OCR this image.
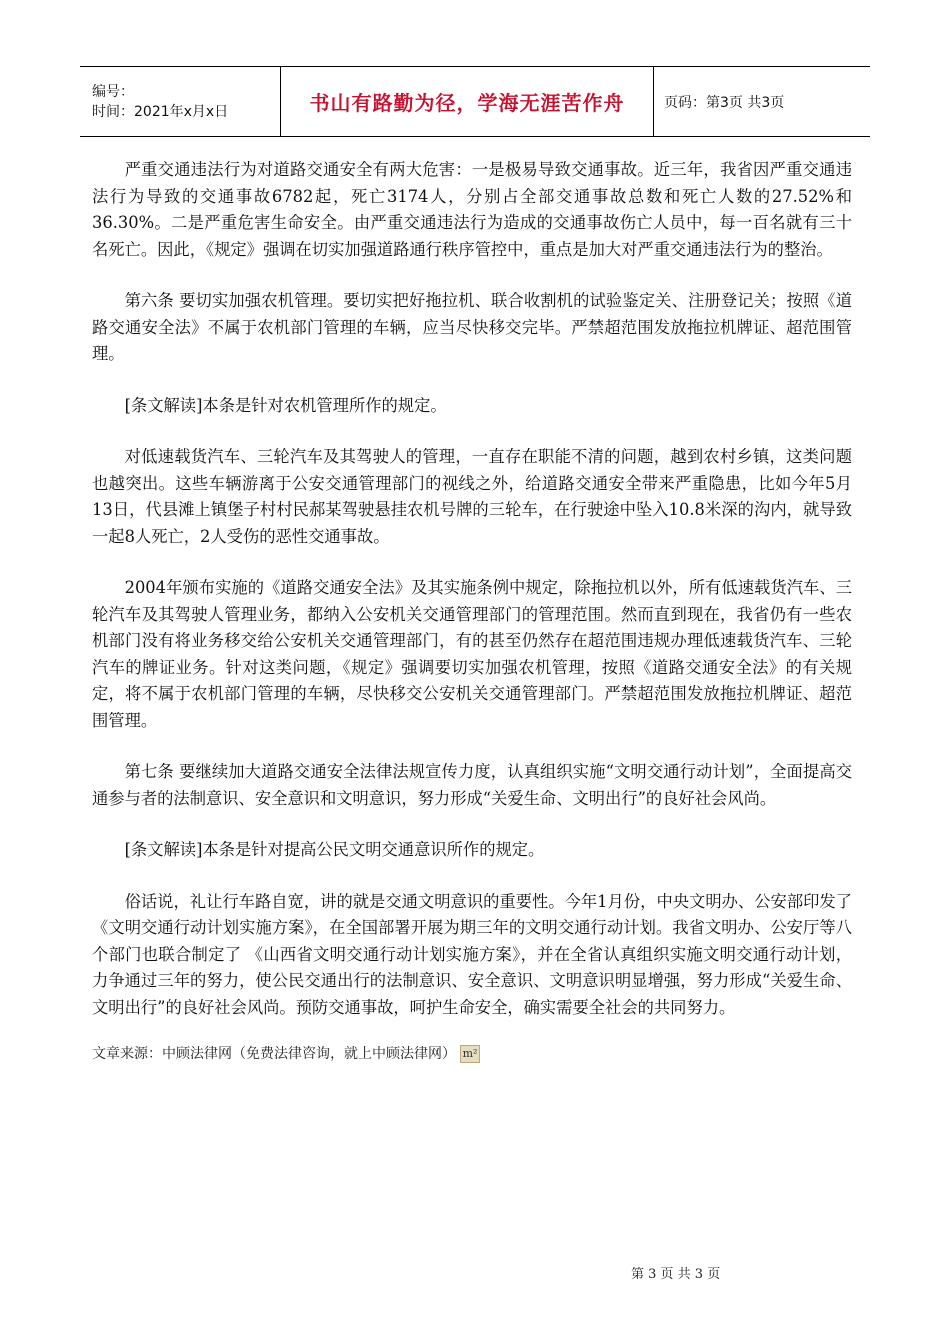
编号：
时间：2021年x月x日	书山有路勤为径，学海无涯苦作舟	页码：第3页 共3页

严重交通违法行为对道路交通安全有两大危害：一是极易导致交通事故。近三年，我省因严重交通违法行为导致的交通事故6782起，死亡3174人，分别占全部交通事故总数和死亡人数的27.52%和36.30%。二是严重危害生命安全。由严重交通违法行为造成的交通事故伤亡人员中，每一百名就有三十名死亡。因此，《规定》强调在切实加强道路通行秩序管控中，重点是加大对严重交通违法行为的整治。

第六条 要切实加强农机管理。要切实把好拖拉机、联合收割机的试验鉴定关、注册登记关；按照《道路交通安全法》不属于农机部门管理的车辆，应当尽快移交完毕。严禁超范围发放拖拉机牌证、超范围管理。

[条文解读]本条是针对农机管理所作的规定。

对低速载货汽车、三轮汽车及其驾驶人的管理，一直存在职能不清的问题，越到农村乡镇，这类问题也越突出。这些车辆游离于公安交通管理部门的视线之外，给道路交通安全带来严重隐患，比如今年5月13日，代县滩上镇堡子村村民郝某驾驶悬挂农机号牌的三轮车，在行驶途中坠入10.8米深的沟内，就导致一起8人死亡，2人受伤的恶性交通事故。

2004年颁布实施的《道路交通安全法》及其实施条例中规定，除拖拉机以外，所有低速载货汽车、三轮汽车及其驾驶人管理业务，都纳入公安机关交通管理部门的管理范围。然而直到现在，我省仍有一些农机部门没有将业务移交给公安机关交通管理部门，有的甚至仍然存在超范围违规办理低速载货汽车、三轮汽车的牌证业务。针对这类问题，《规定》强调要切实加强农机管理，按照《道路交通安全法》的有关规定，将不属于农机部门管理的车辆，尽快移交公安机关交通管理部门。严禁超范围发放拖拉机牌证、超范围管理。

第七条 要继续加大道路交通安全法律法规宣传力度，认真组织实施“文明交通行动计划”，全面提高交通参与者的法制意识、安全意识和文明意识，努力形成“关爱生命、文明出行”的良好社会风尚。

[条文解读]本条是针对提高公民文明交通意识所作的规定。

俗话说，礼让行车路自宽，讲的就是交通文明意识的重要性。今年1月份，中央文明办、公安部印发了《文明交通行动计划实施方案》，在全国部署开展为期三年的文明交通行动计划。我省文明办、公安厅等八个部门也联合制定了 《山西省文明交通行动计划实施方案》，并在全省认真组织实施文明交通行动计划，力争通过三年的努力，使公民交通出行的法制意识、安全意识、文明意识明显增强，努力形成“关爱生命、文明出行”的良好社会风尚。预防交通事故，呵护生命安全，确实需要全社会的共同努力。

文章来源：中顾法律网（免费法律咨询，就上中顾法律网） m²

第 3 页 共 3 页
